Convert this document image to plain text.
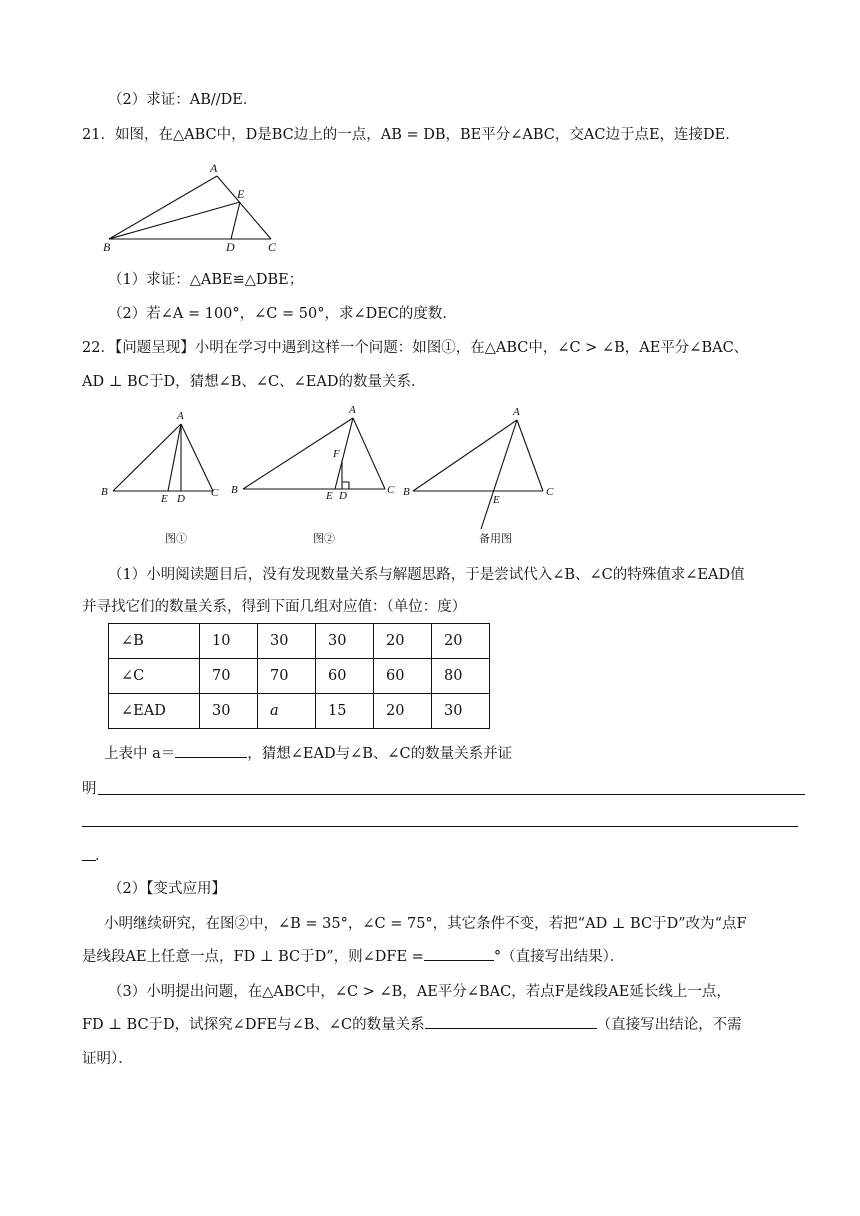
（2）求证：AB//DE．
21．如图，在△ABC中，D是BC边上的一点，AB = DB，BE平分∠ABC，交AC边于点E，连接DE．
A
E
B	D	C
（1）求证：△ABE≌△DBE；
（2）若∠A = 100°，∠C = 50°，求∠DEC的度数．
22．【问题呈现】小明在学习中遇到这样一个问题：如图①，在△ABC中，∠C > ∠B，AE平分∠BAC、
AD ⊥ BC于D，猜想∠B、∠C、∠EAD的数量关系．
A
B
E D C
A
F
B	E D	C
A
B
E
C
图①	图②	备用图
（1）小明阅读题目后，没有发现数量关系与解题思路，于是尝试代入∠B、∠C的特殊值求∠EAD值
并寻找它们的数量关系，得到下面几组对应值：（单位：度）
∠B	10	30	30	20	20
∠C	70	70	60	60	80
∠EAD	30	a	15	20	30
上表中 a＝	，猜想∠EAD与∠B、∠C的数量关系并证
明
．
（2）【变式应用】
小明继续研究，在图②中，∠B = 35°，∠C = 75°，其它条件不变，若把“AD ⊥ BC于D”改为“点F
是线段AE上任意一点，FD ⊥ BC于D”，则∠DFE =	°（直接写出结果）．
（3）小明提出问题，在△ABC中，∠C > ∠B，AE平分∠BAC，若点F是线段AE延长线上一点，
FD ⊥ BC于D，试探究∠DFE与∠B、∠C的数量关系	（直接写出结论，不需
证明）．
